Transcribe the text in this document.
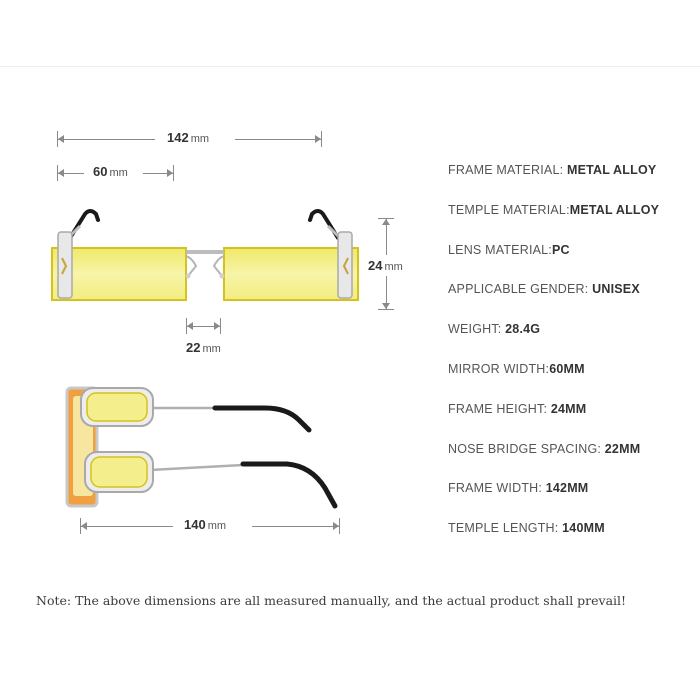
142 mm
60 mm
22 mm
24 mm
140 mm
FRAME MATERIAL: METAL ALLOY
TEMPLE MATERIAL:METAL ALLOY
LENS MATERIAL:PC
APPLICABLE GENDER: UNISEX
WEIGHT: 28.4G
MIRROR WIDTH:60MM
FRAME HEIGHT: 24MM
NOSE BRIDGE SPACING: 22MM
FRAME WIDTH: 142MM
TEMPLE LENGTH: 140MM
Note: The above dimensions are all measured manually, and the actual product shall prevail!
